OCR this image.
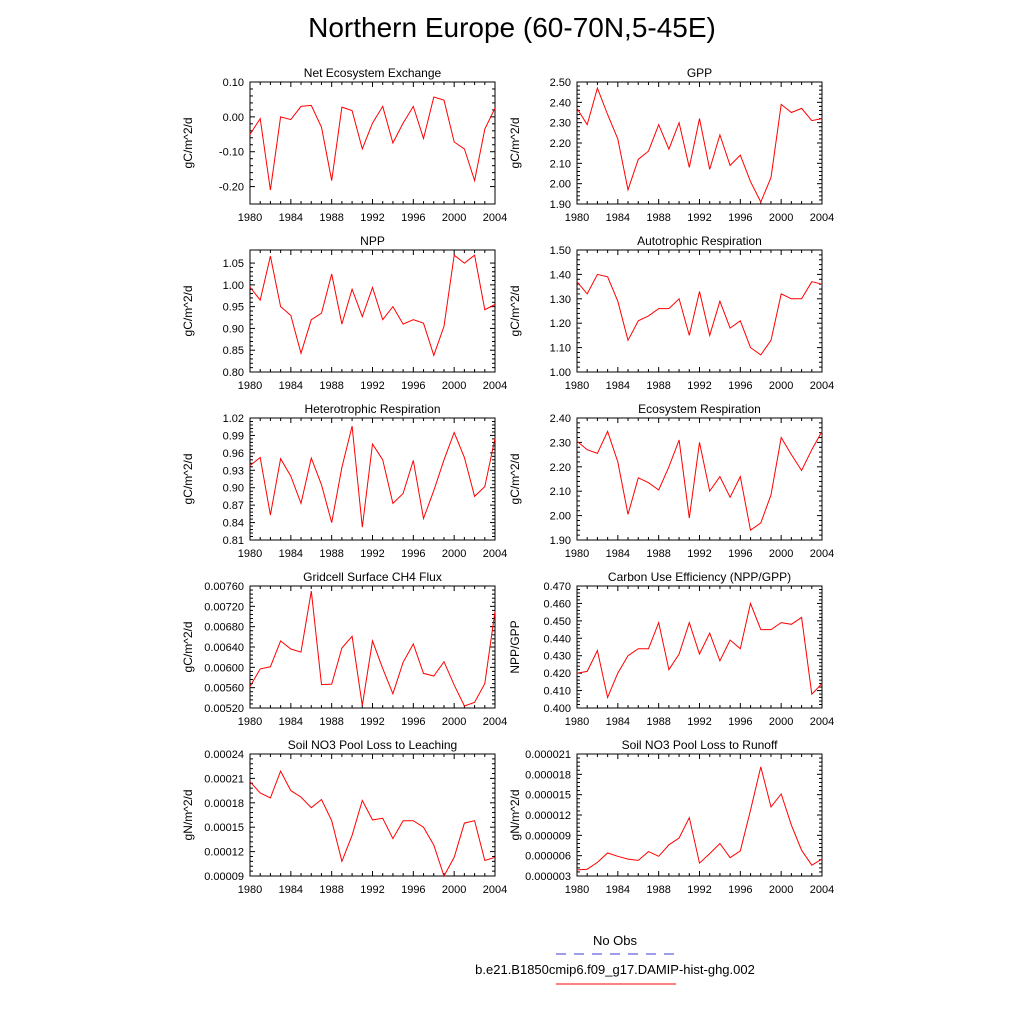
Northern Europe (60-70N,5-45E)
Net Ecosystem Exchange
gC/m^2/d
-0.20
-0.10
0.00
0.10
1980 1984 1988 1992 1996 2000 2004
GPP
gC/m^2/d
1.90
2.00
2.10
2.20
2.30
2.40
2.50
1980 1984 1988 1992 1996 2000 2004
NPP
gC/m^2/d
0.80
0.85
0.90
0.95
1.00
1.05
1980 1984 1988 1992 1996 2000 2004
Autotrophic Respiration
gC/m^2/d
1.00
1.10
1.20
1.30
1.40
1.50
1980 1984 1988 1992 1996 2000 2004
Heterotrophic Respiration
gC/m^2/d
0.81
0.84
0.87
0.90
0.93
0.96
0.99
1.02
1980 1984 1988 1992 1996 2000 2004
Ecosystem Respiration
gC/m^2/d
1.90
2.00
2.10
2.20
2.30
2.40
1980 1984 1988 1992 1996 2000 2004
Gridcell Surface CH4 Flux
gC/m^2/d
0.00520
0.00560
0.00600
0.00640
0.00680
0.00720
0.00760
1980 1984 1988 1992 1996 2000 2004
Carbon Use Efficiency (NPP/GPP)
NPP/GPP
0.400
0.410
0.420
0.430
0.440
0.450
0.460
0.470
1980 1984 1988 1992 1996 2000 2004
Soil NO3 Pool Loss to Leaching
gN/m^2/d
0.00009
0.00012
0.00015
0.00018
0.00021
0.00024
1980 1984 1988 1992 1996 2000 2004
Soil NO3 Pool Loss to Runoff
gN/m^2/d
0.000003
0.000006
0.000009
0.000012
0.000015
0.000018
0.000021
1980 1984 1988 1992 1996 2000 2004
No Obs
b.e21.B1850cmip6.f09_g17.DAMIP-hist-ghg.002
